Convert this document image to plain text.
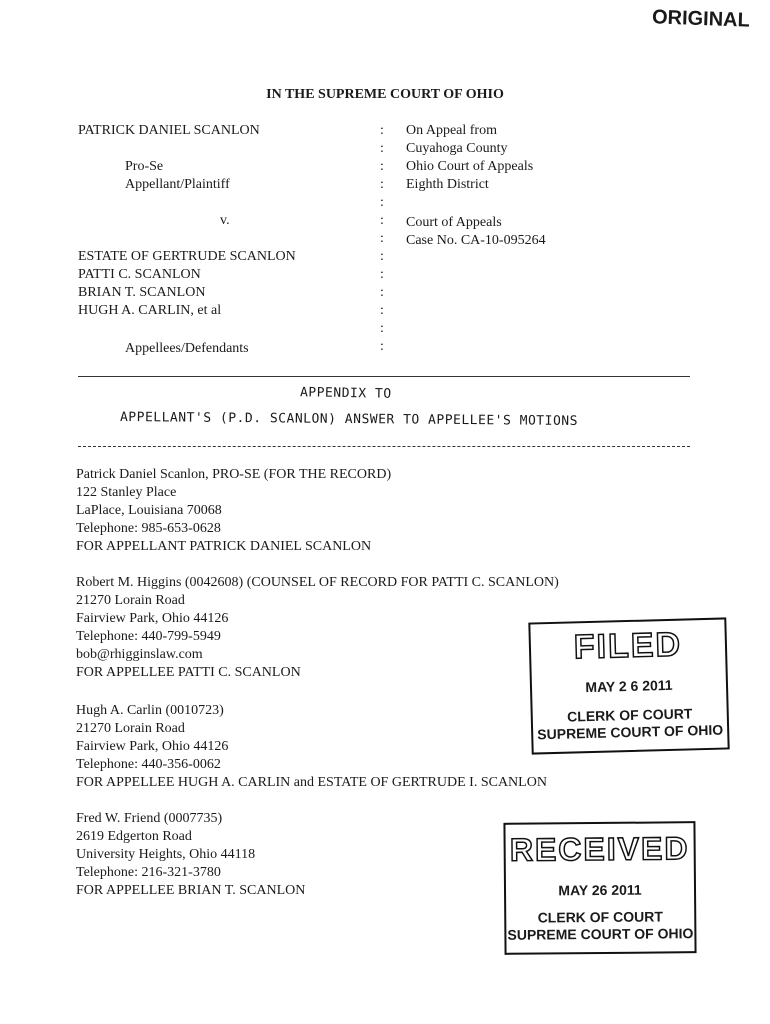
ORIGINAL
IN THE SUPREME COURT OF OHIO
PATRICK DANIEL SCANLON
Pro-Se
Appellant/Plaintiff
v.
ESTATE OF GERTRUDE SCANLON
PATTI C. SCANLON
BRIAN T. SCANLON
HUGH A. CARLIN, et al
Appellees/Defendants
:
:
:
:
:
:
:
:
:
:
:
:
:
On Appeal from
Cuyahoga County
Ohio Court of Appeals
Eighth District
Court of Appeals
Case No. CA-10-095264
APPENDIX TO
APPELLANT'S (P.D. SCANLON) ANSWER TO APPELLEE'S MOTIONS
Patrick Daniel Scanlon, PRO-SE (FOR THE RECORD)
122 Stanley Place
LaPlace, Louisiana 70068
Telephone: 985-653-0628
FOR APPELLANT PATRICK DANIEL SCANLON
Robert M. Higgins (0042608) (COUNSEL OF RECORD FOR PATTI C. SCANLON)
21270 Lorain Road
Fairview Park, Ohio 44126
Telephone: 440-799-5949
bob@rhigginslaw.com
FOR APPELLEE PATTI C. SCANLON
Hugh A. Carlin (0010723)
21270 Lorain Road
Fairview Park, Ohio 44126
Telephone: 440-356-0062
FOR APPELLEE HUGH A. CARLIN and ESTATE OF GERTRUDE I. SCANLON
Fred W. Friend (0007735)
2619 Edgerton Road
University Heights, Ohio 44118
Telephone: 216-321-3780
FOR APPELLEE BRIAN T. SCANLON
FILED
MAY 2 6 2011
CLERK OF COURT
SUPREME COURT OF OHIO
RECEIVED
MAY 26 2011
CLERK OF COURT
SUPREME COURT OF OHIO
